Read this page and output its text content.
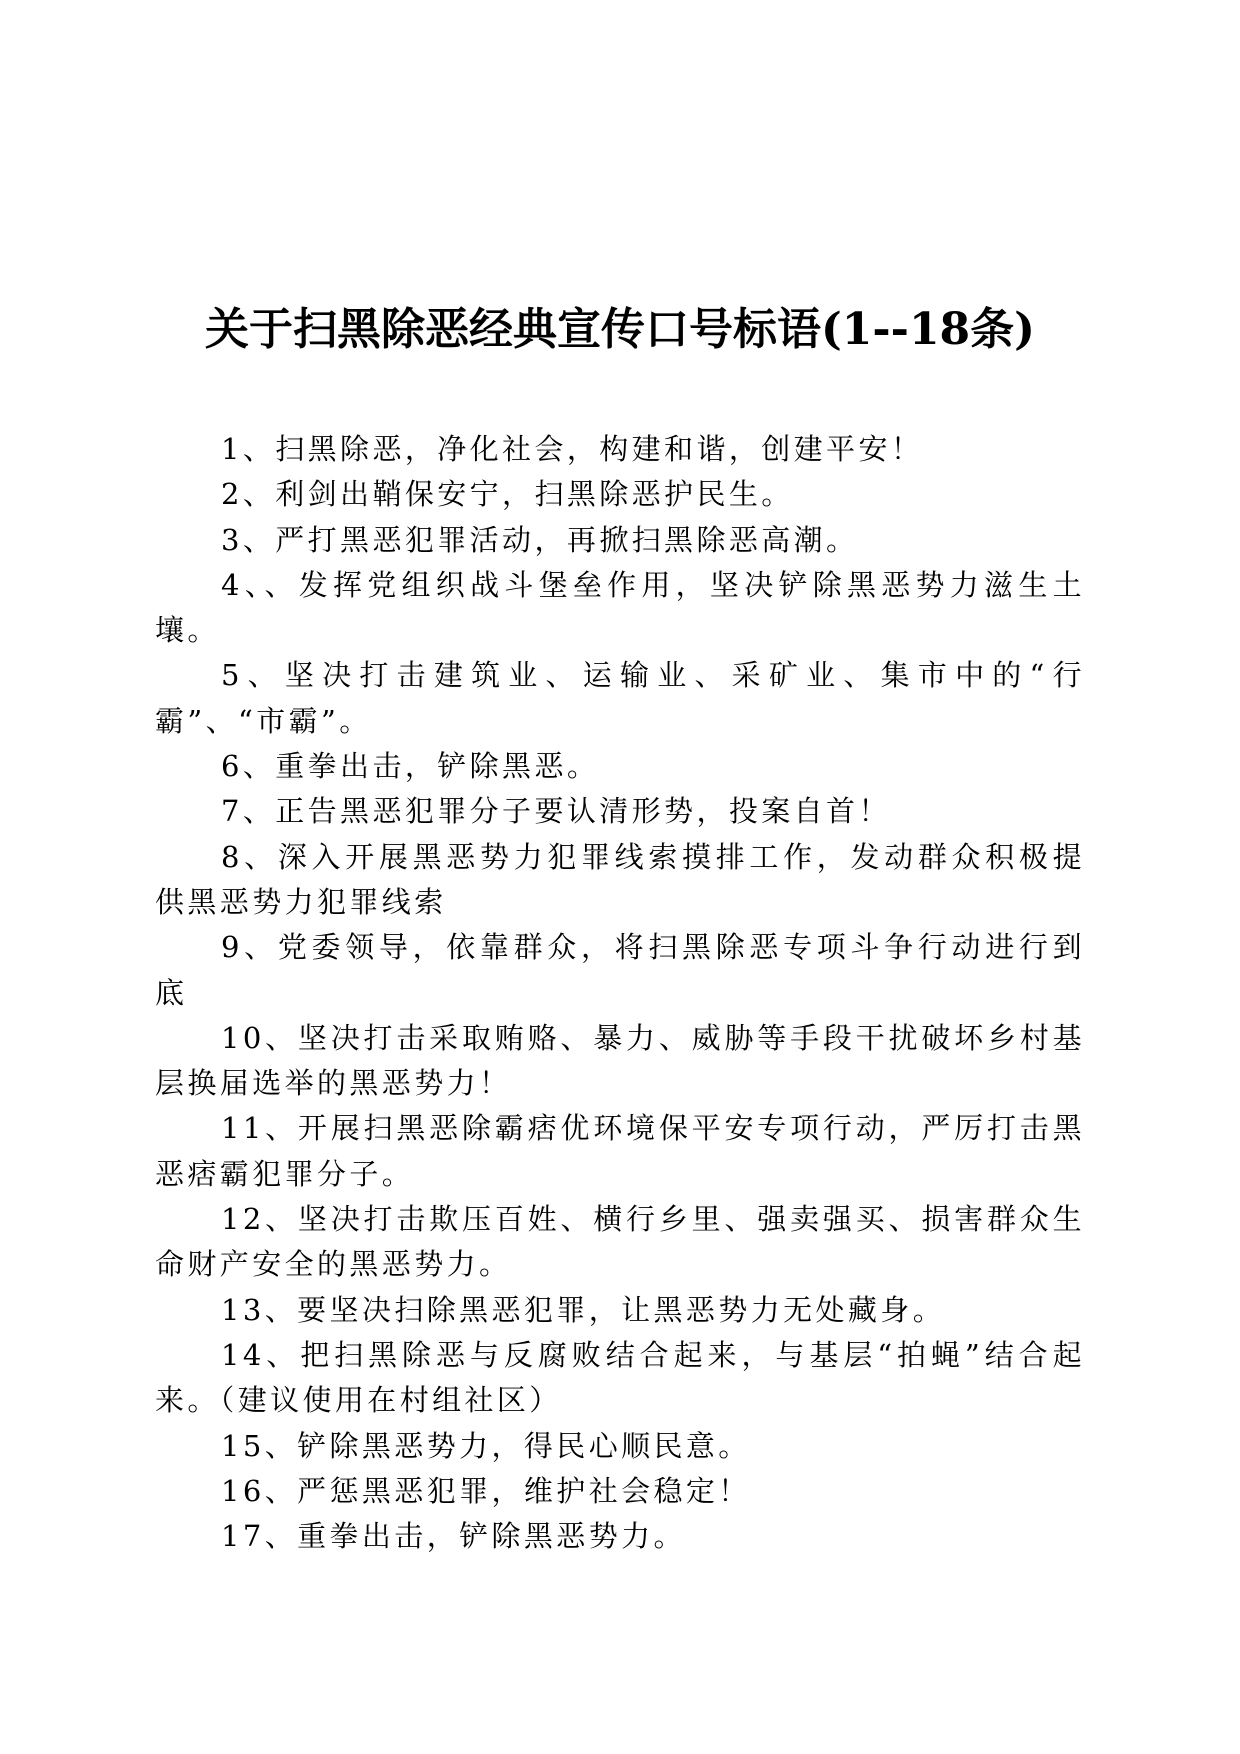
关于扫黑除恶经典宣传口号标语(1--18条)

1、扫黑除恶，净化社会，构建和谐，创建平安！

2、利剑出鞘保安宁，扫黑除恶护民生。

3、严打黑恶犯罪活动，再掀扫黑除恶高潮。

4、、发挥党组织战斗堡垒作用，坚决铲除黑恶势力滋生土壤。

5、坚决打击建筑业、运输业、采矿业、集市中的“行霸”、“市霸”。

6、重拳出击，铲除黑恶。

7、正告黑恶犯罪分子要认清形势，投案自首！

8、深入开展黑恶势力犯罪线索摸排工作，发动群众积极提供黑恶势力犯罪线索

9、党委领导，依靠群众，将扫黑除恶专项斗争行动进行到底

10、坚决打击采取贿赂、暴力、威胁等手段干扰破坏乡村基层换届选举的黑恶势力！

11、开展扫黑恶除霸痞优环境保平安专项行动，严厉打击黑恶痞霸犯罪分子。

12、坚决打击欺压百姓、横行乡里、强卖强买、损害群众生命财产安全的黑恶势力。

13、要坚决扫除黑恶犯罪，让黑恶势力无处藏身。

14、把扫黑除恶与反腐败结合起来，与基层“拍蝇”结合起来。（建议使用在村组社区）

15、铲除黑恶势力，得民心顺民意。

16、严惩黑恶犯罪，维护社会稳定！

17、重拳出击，铲除黑恶势力。
